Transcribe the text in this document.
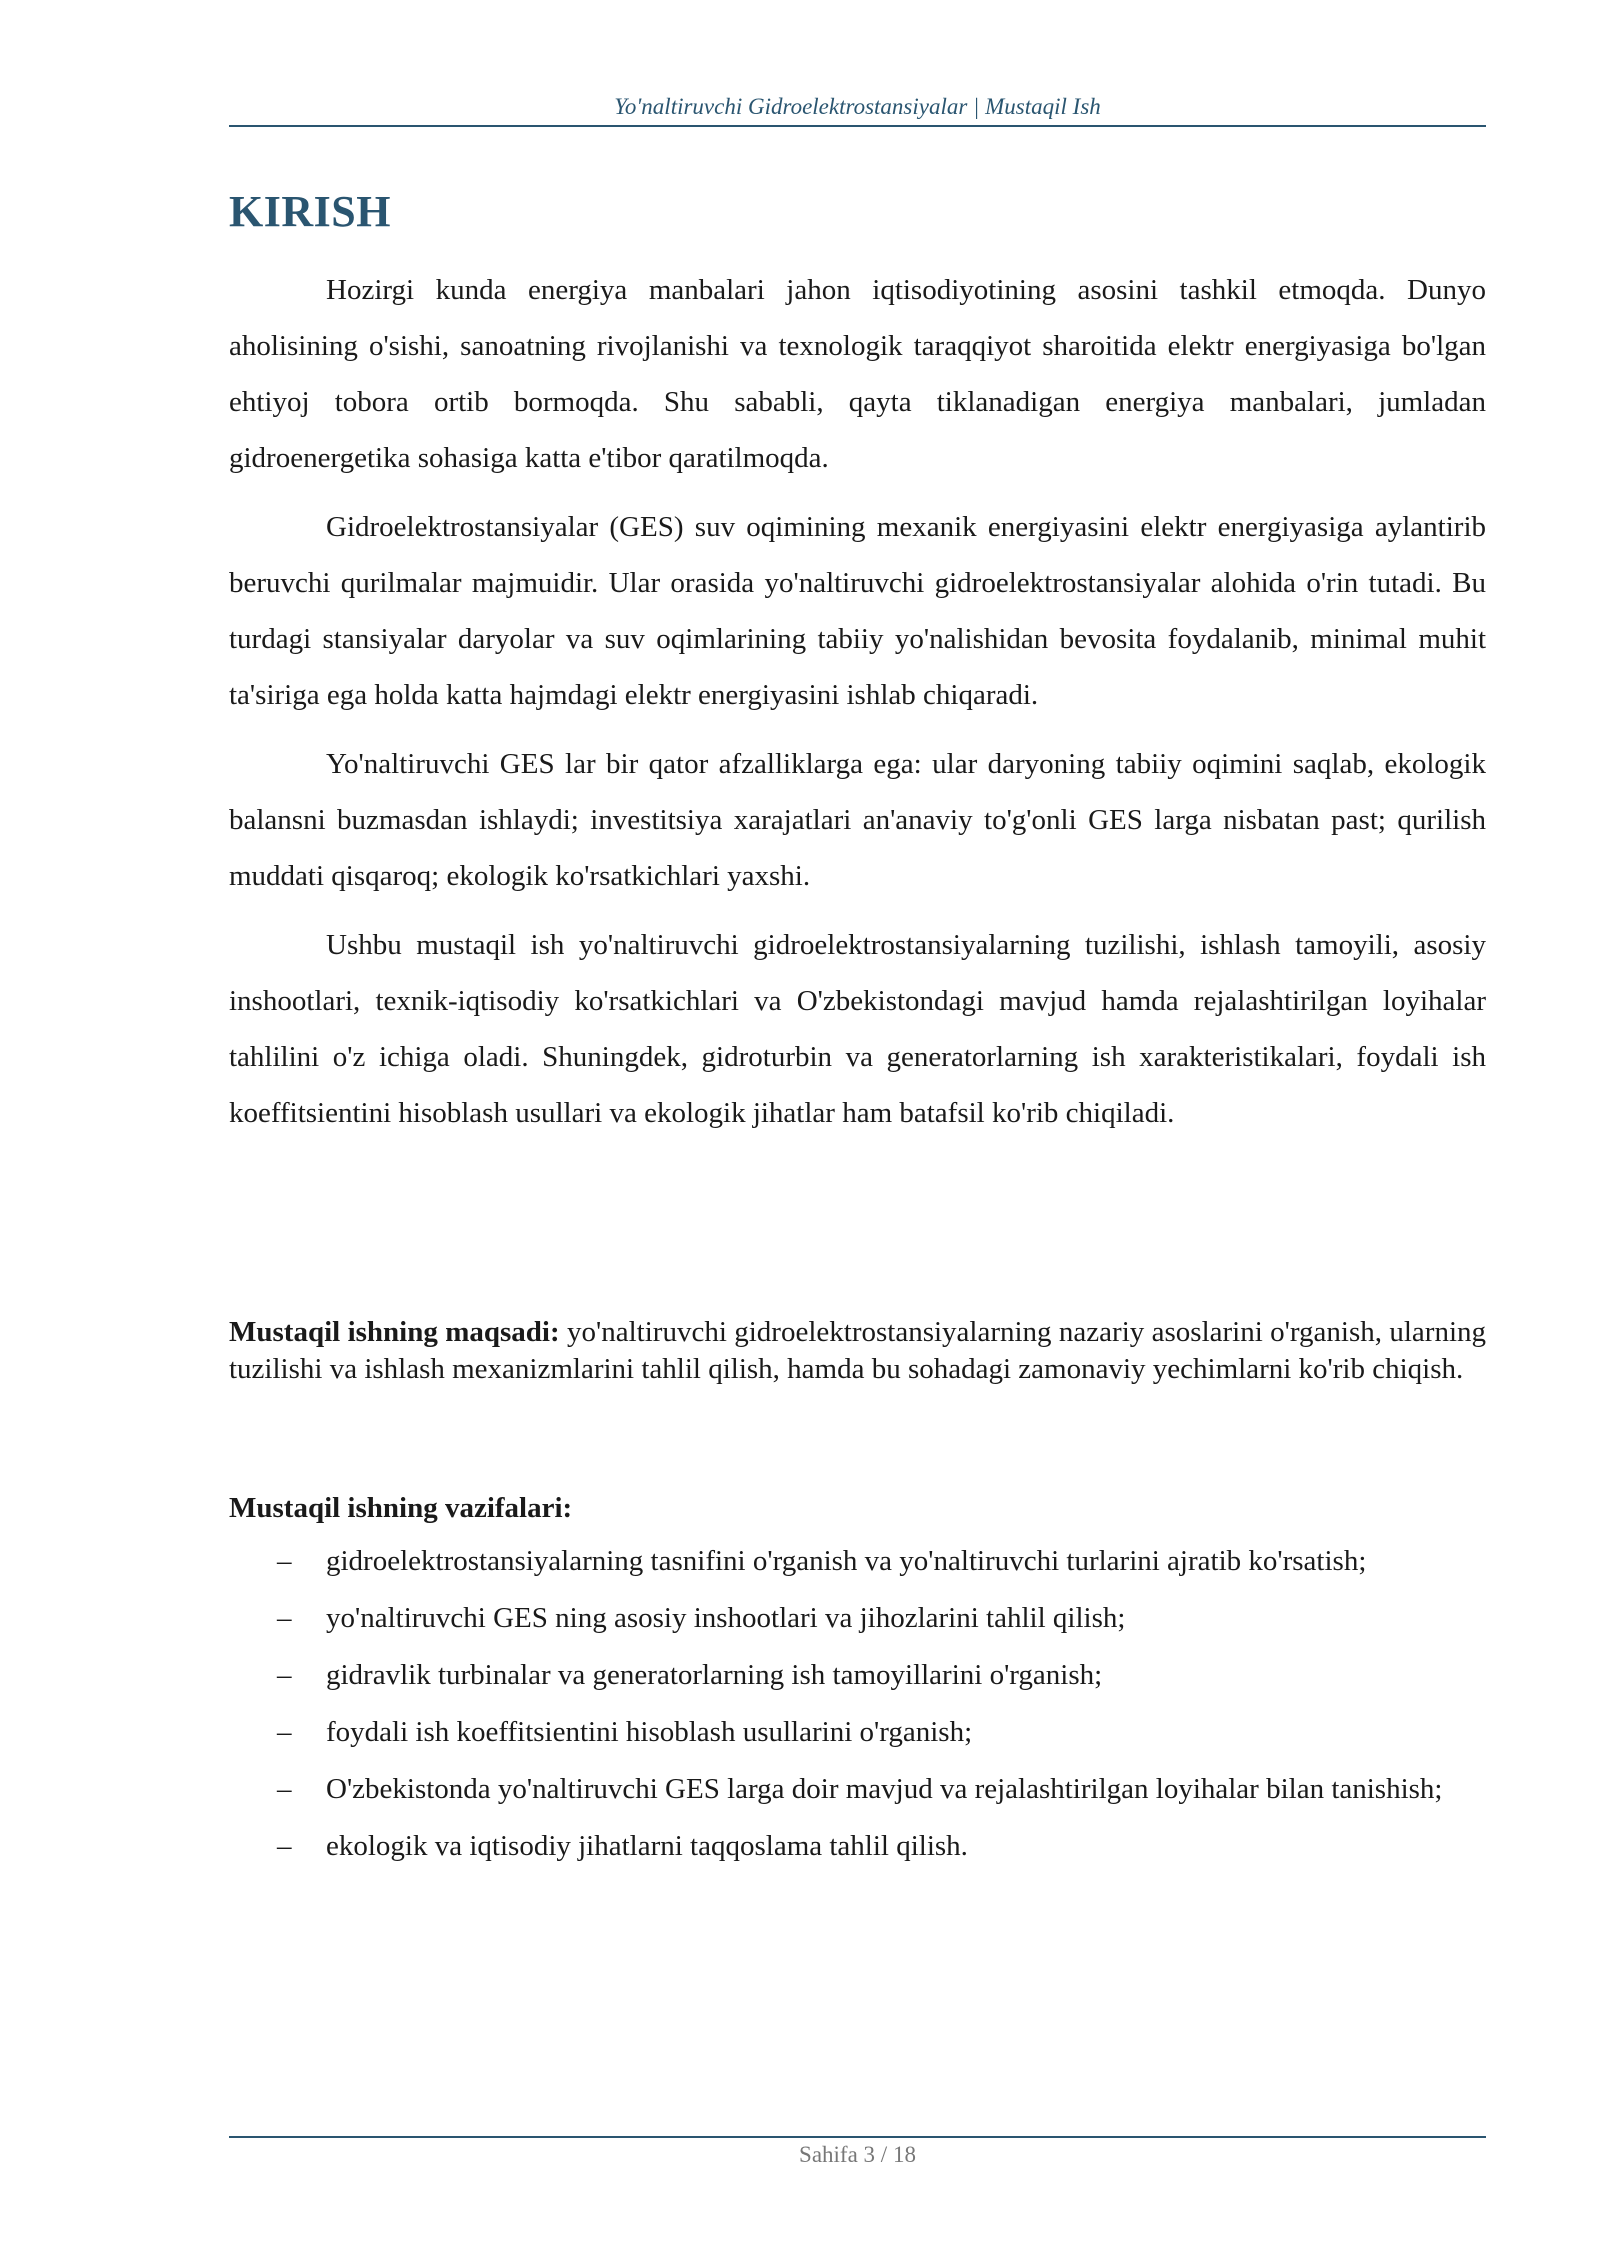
Yo'naltiruvchi Gidroelektrostansiyalar | Mustaqil Ish
KIRISH

Hozirgi kunda energiya manbalari jahon iqtisodiyotining asosini tashkil etmoqda. Dunyo aholisining o'sishi, sanoatning rivojlanishi va texnologik taraqqiyot sharoitida elektr energiyasiga bo'lgan ehtiyoj tobora ortib bormoqda. Shu sababli, qayta tiklanadigan energiya manbalari, jumladan gidroenergetika sohasiga katta e'tibor qaratilmoqda.

Gidroelektrostansiyalar (GES) suv oqimining mexanik energiyasini elektr energiyasiga aylantirib beruvchi qurilmalar majmuidir. Ular orasida yo'naltiruvchi gidroelektrostansiyalar alohida o'rin tutadi. Bu turdagi stansiyalar daryolar va suv oqimlarining tabiiy yo'nalishidan bevosita foydalanib, minimal muhit ta'siriga ega holda katta hajmdagi elektr energiyasini ishlab chiqaradi.

Yo'naltiruvchi GES lar bir qator afzalliklarga ega: ular daryoning tabiiy oqimini saqlab, ekologik balansni buzmasdan ishlaydi; investitsiya xarajatlari an'anaviy to'g'onli GES larga nisbatan past; qurilish muddati qisqaroq; ekologik ko'rsatkichlari yaxshi.

Ushbu mustaqil ish yo'naltiruvchi gidroelektrostansiyalarning tuzilishi, ishlash tamoyili, asosiy inshootlari, texnik-iqtisodiy ko'rsatkichlari va O'zbekistondagi mavjud hamda rejalashtirilgan loyihalar tahlilini o'z ichiga oladi. Shuningdek, gidroturbin va generatorlarning ish xarakteristikalari, foydali ish koeffitsientini hisoblash usullari va ekologik jihatlar ham batafsil ko'rib chiqiladi.

Mustaqil ishning maqsadi: yo'naltiruvchi gidroelektrostansiyalarning nazariy asoslarini o'rganish, ularning tuzilishi va ishlash mexanizmlarini tahlil qilish, hamda bu sohadagi zamonaviy yechimlarni ko'rib chiqish.

Mustaqil ishning vazifalari:
– gidroelektrostansiyalarning tasnifini o'rganish va yo'naltiruvchi turlarini ajratib ko'rsatish;
– yo'naltiruvchi GES ning asosiy inshootlari va jihozlarini tahlil qilish;
– gidravlik turbinalar va generatorlarning ish tamoyillarini o'rganish;
– foydali ish koeffitsientini hisoblash usullarini o'rganish;
– O'zbekistonda yo'naltiruvchi GES larga doir mavjud va rejalashtirilgan loyihalar bilan tanishish;
– ekologik va iqtisodiy jihatlarni taqqoslama tahlil qilish.
Sahifa 3 / 18
